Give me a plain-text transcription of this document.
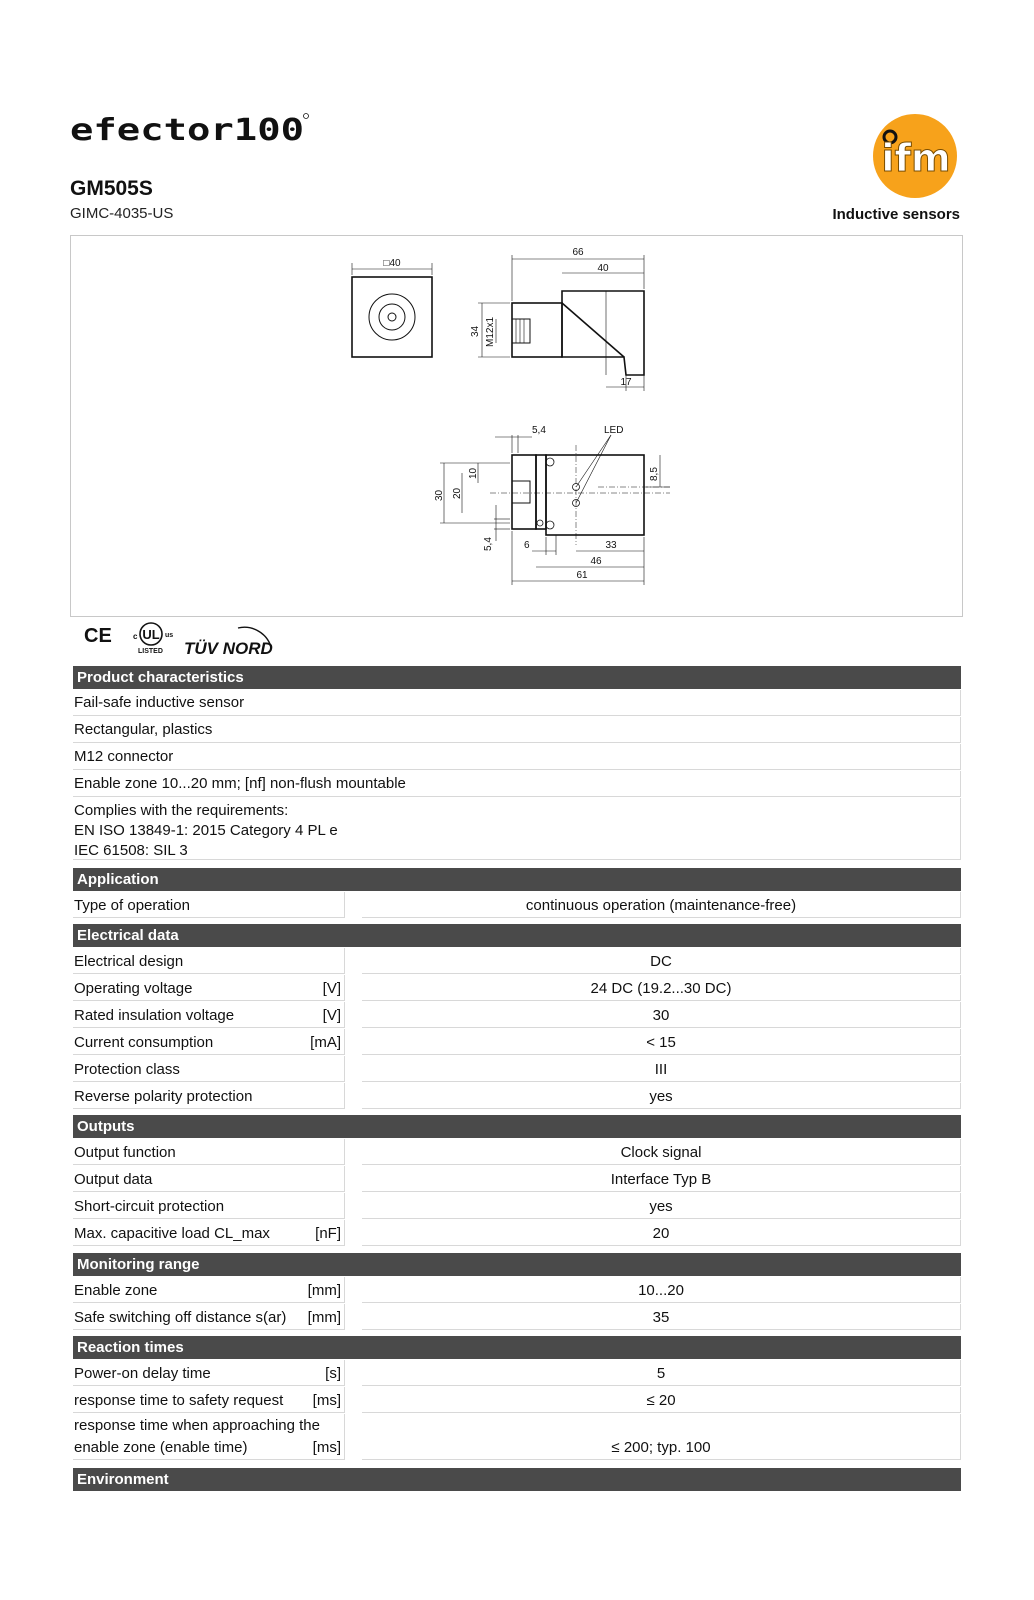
efector100
GM505S
GIMC-4035-US
ifm
Inductive sensors
□40
66
40
34 M12x1
17
LED
5,4
30 20
10	8,5
5,4	6	33
46
61
CE UL
c	us
LISTED TÜV NORD
Product characteristics
Fail-safe inductive sensor
Rectangular, plastics
M12 connector
Enable zone 10...20 mm; [nf] non-flush mountable
Complies with the requirements:
EN ISO 13849-1: 2015 Category 4 PL e
IEC 61508: SIL 3
Application
Type of operation	continuous operation (maintenance-free)
Electrical data
Electrical design	DC
Operating voltage	[V]	24 DC (19.2...30 DC)
Rated insulation voltage	[V]	30
Current consumption	[mA]	< 15
Protection class	III
Reverse polarity protection	yes
Outputs
Output function	Clock signal
Output data	Interface Typ B
Short-circuit protection	yes
Max. capacitive load CL_max	[nF]	20
Monitoring range
Enable zone	[mm]	10...20
Safe switching off distance s(ar) [mm]	35
Reaction times
Power-on delay time	[s]	5
response time to safety request [ms]	≤ 20
response time when approaching the
enable zone (enable time)	[ms]	≤ 200; typ. 100
Environment
